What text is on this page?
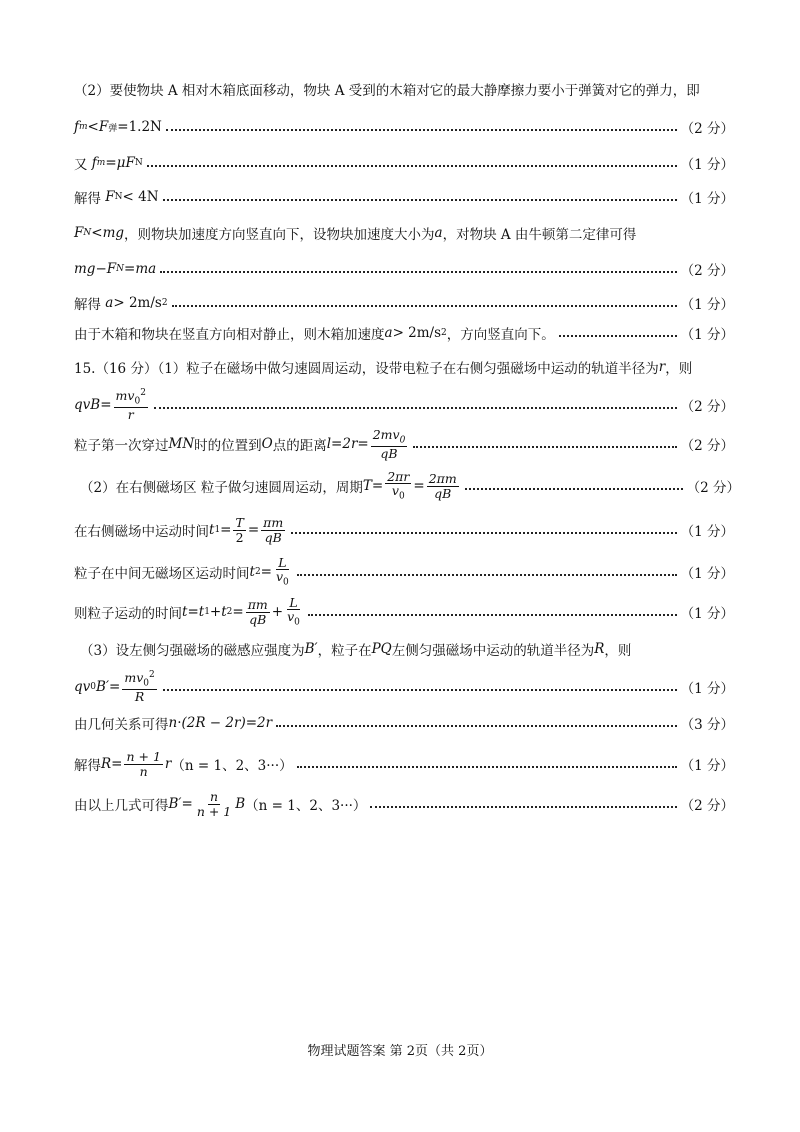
（2）要使物块 A 相对木箱底面移动，物块 A 受到的木箱对它的最大静摩擦力要小于弹簧对它的弹力，即
f m < F 弹 = 1.2N	（2 分）
又
f m = μ F N	（1 分）
解得
F N < 4N	（1 分）
F N < mg ，则物块加速度方向竖直向下，设物块加速度大小为 a ，对物块 A 由牛顿第二定律可得
mg − F N = ma	（2 分）
解得
a > 2m/s 2	（1 分）
由于木箱和物块在竖直方向相对静止，则木箱加速度 a > 2m/s 2 ，方向竖直向下。	（1 分）
15.（16 分）（1）粒子在磁场中做匀速圆周运动，设带电粒子在右侧匀强磁场中运动的轨道半径为 r ，则
q v $B = \frac{mv_0^2}{r}$	（2 分）
粒子第一次穿过 MN 时的位置到 O 点的距离 $l = 2r = \frac{2mv_0}{qB}$	（2 分）
（2）在右侧磁场区 粒子做匀速圆周运动，周期 $T = \frac{2\pi r}{v_0} = \frac{2\pi m}{qB}$	（2 分）
在右侧磁场中运动时间 t $1 = \frac{T}{2} = \frac{\pi m}{qB}$	（1 分）
粒子在中间无磁场区运动时间 t $2 = \frac{L}{v_0}$	（1 分）
则粒子运动的时间 t = t 1 + t $2 = \frac{\pi m}{qB} + \frac{L}{v_0}$	（1 分）
（3）设左侧匀强磁场的磁感应强度为 B′ ，粒子在 PQ 左侧匀强磁场中运动的轨道半径为 R ，则
q v 0 $B' = \frac{mv_0^2}{R}$	（1 分）
由几何关系可得 n · (2R − 2r) = 2r	（3 分）
解得 $R = \frac{n + 1}{n}$ r （n = 1、2、3···）	（1 分）
由以上几式可得 $B' = \frac{n}{n + 1}$ B （n = 1、2、3···）	（2 分）
物理试题答案 第 2页（共 2页）
